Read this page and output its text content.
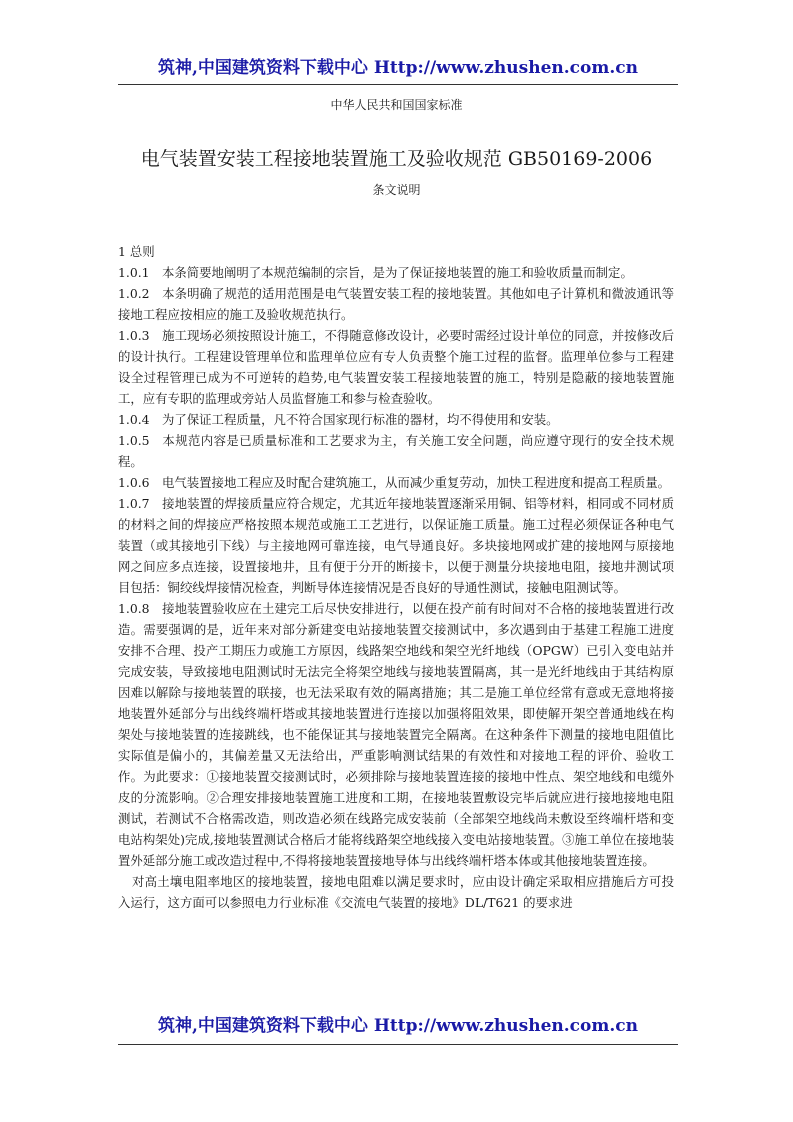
筑神,中国建筑资料下载中心 Http://www.zhushen.com.cn
中华人民共和国国家标准
电气装置安装工程接地装置施工及验收规范 GB50169-2006
条文说明

1 总则

1.0.1 本条简要地阐明了本规范编制的宗旨，是为了保证接地装置的施工和验收质量而制定。

1.0.2 本条明确了规范的适用范围是电气装置安装工程的接地装置。其他如电子计算机和微波通讯等接地工程应按相应的施工及验收规范执行。

1.0.3 施工现场必须按照设计施工，不得随意修改设计，必要时需经过设计单位的同意，并按修改后的设计执行。工程建设管理单位和监理单位应有专人负责整个施工过程的监督。监理单位参与工程建设全过程管理已成为不可逆转的趋势,电气装置安装工程接地装置的施工，特别是隐蔽的接地装置施工，应有专职的监理或旁站人员监督施工和参与检查验收。

1.0.4 为了保证工程质量，凡不符合国家现行标准的器材，均不得使用和安装。

1.0.5 本规范内容是已质量标准和工艺要求为主，有关施工安全问题，尚应遵守现行的安全技术规程。

1.0.6 电气装置接地工程应及时配合建筑施工，从而减少重复劳动，加快工程进度和提高工程质量。

1.0.7 接地装置的焊接质量应符合规定，尤其近年接地装置逐渐采用铜、铝等材料，相同或不同材质的材料之间的焊接应严格按照本规范或施工工艺进行，以保证施工质量。施工过程必须保证各种电气装置（或其接地引下线）与主接地网可靠连接，电气导通良好。多块接地网或扩建的接地网与原接地网之间应多点连接，设置接地井，且有便于分开的断接卡，以便于测量分块接地电阻，接地井测试项目包括：铜绞线焊接情况检查，判断导体连接情况是否良好的导通性测试，接触电阻测试等。

1.0.8 接地装置验收应在土建完工后尽快安排进行，以便在投产前有时间对不合格的接地装置进行改造。需要强调的是，近年来对部分新建变电站接地装置交接测试中，多次遇到由于基建工程施工进度安排不合理、投产工期压力或施工方原因，线路架空地线和架空光纤地线（OPGW）已引入变电站并完成安装，导致接地电阻测试时无法完全将架空地线与接地装置隔离，其一是光纤地线由于其结构原因难以解除与接地装置的联接，也无法采取有效的隔离措施；其二是施工单位经常有意或无意地将接地装置外延部分与出线终端杆塔或其接地装置进行连接以加强将阻效果，即使解开架空普通地线在构架处与接地装置的连接跳线，也不能保证其与接地装置完全隔离。在这种条件下测量的接地电阻值比实际值是偏小的，其偏差量又无法给出，严重影响测试结果的有效性和对接地工程的评价、验收工作。为此要求：①接地装置交接测试时，必须排除与接地装置连接的接地中性点、架空地线和电缆外皮的分流影响。②合理安排接地装置施工进度和工期，在接地装置敷设完毕后就应进行接地接地电阻测试，若测试不合格需改造，则改造必须在线路完成安装前（全部架空地线尚未敷设至终端杆塔和变电站构架处)完成,接地装置测试合格后才能将线路架空地线接入变电站接地装置。③施工单位在接地装置外延部分施工或改造过程中,不得将接地装置接地导体与出线终端杆塔本体或其他接地装置连接。

对高土壤电阻率地区的接地装置，接地电阻难以满足要求时，应由设计确定采取相应措施后方可投入运行，这方面可以参照电力行业标准《交流电气装置的接地》DL/T621 的要求进

筑神,中国建筑资料下载中心 Http://www.zhushen.com.cn
